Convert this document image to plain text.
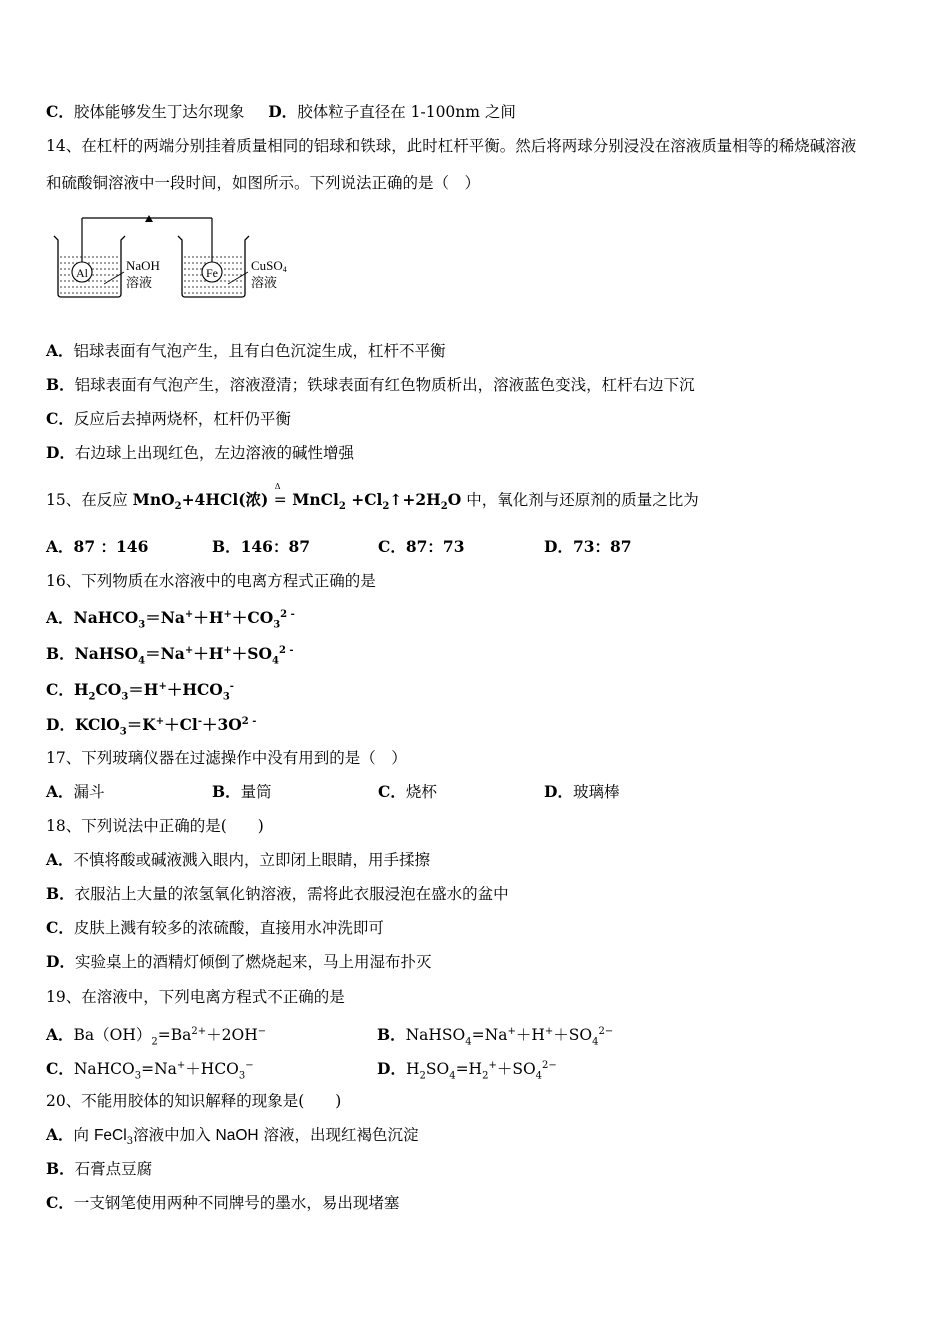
C．胶体能够发生丁达尔现象 D．胶体粒子直径在 1-100nm 之间
14、在杠杆的两端分别挂着质量相同的铝球和铁球，此时杠杆平衡。然后将两球分别浸没在溶液质量相等的稀烧碱溶液
和硫酸铜溶液中一段时间，如图所示。下列说法正确的是（　）
Al	Fe
NaOH
溶液
CuSO4
溶液
A．铝球表面有气泡产生，且有白色沉淀生成，杠杆不平衡
B．铝球表面有气泡产生，溶液澄清；铁球表面有红色物质析出，溶液蓝色变浅，杠杆右边下沉
C．反应后去掉两烧杯，杠杆仍平衡
D．右边球上出现红色，左边溶液的碱性增强
15、在反应 MnO$_2$+4HCl(浓)
Δ
= MnCl$_2$ $+Cl_2↑+2H_2O$ 中，氧化剂与还原剂的质量之比为
A．87 ：146	B．146：87	C．87：73	D．73：87
16、下列物质在水溶液中的电离方程式正确的是
A．$NaHCO_3=Na^++H^++CO_3^{2 -}$
B．$NaHSO_4=Na^++H^++SO_4^{2 -}$
C．$H_2CO_3=H^++HCO_3^-$
D．$KClO_3=K^++Cl^-+3O^{2 -}$
17、下列玻璃仪器在过滤操作中没有用到的是（　）
A．漏斗	B．量筒	C．烧杯	D．玻璃棒
18、下列说法中正确的是(　　)
A．不慎将酸或碱液溅入眼内，立即闭上眼睛，用手揉擦
B．衣服沾上大量的浓氢氧化钠溶液，需将此衣服浸泡在盛水的盆中
C．皮肤上溅有较多的浓硫酸，直接用水冲洗即可
D．实验桌上的酒精灯倾倒了燃烧起来，马上用湿布扑灭
19、在溶液中，下列电离方程式不正确的是
A．$Ba(OH)_2=Ba^{2+}+2OH^-$	B．$NaHSO_4=Na^++H^++SO_4^{2-}$
C．$NaHCO_3=Na^++HCO_3^-$	D．$H_2SO_4=H_2^++SO_4^{2-}$
20、不能用胶体的知识解释的现象是(　　)
A．向 FeCl$_3$溶液中加入 NaOH 溶液，出现红褐色沉淀
B．石膏点豆腐
C．一支钢笔使用两种不同牌号的墨水，易出现堵塞
